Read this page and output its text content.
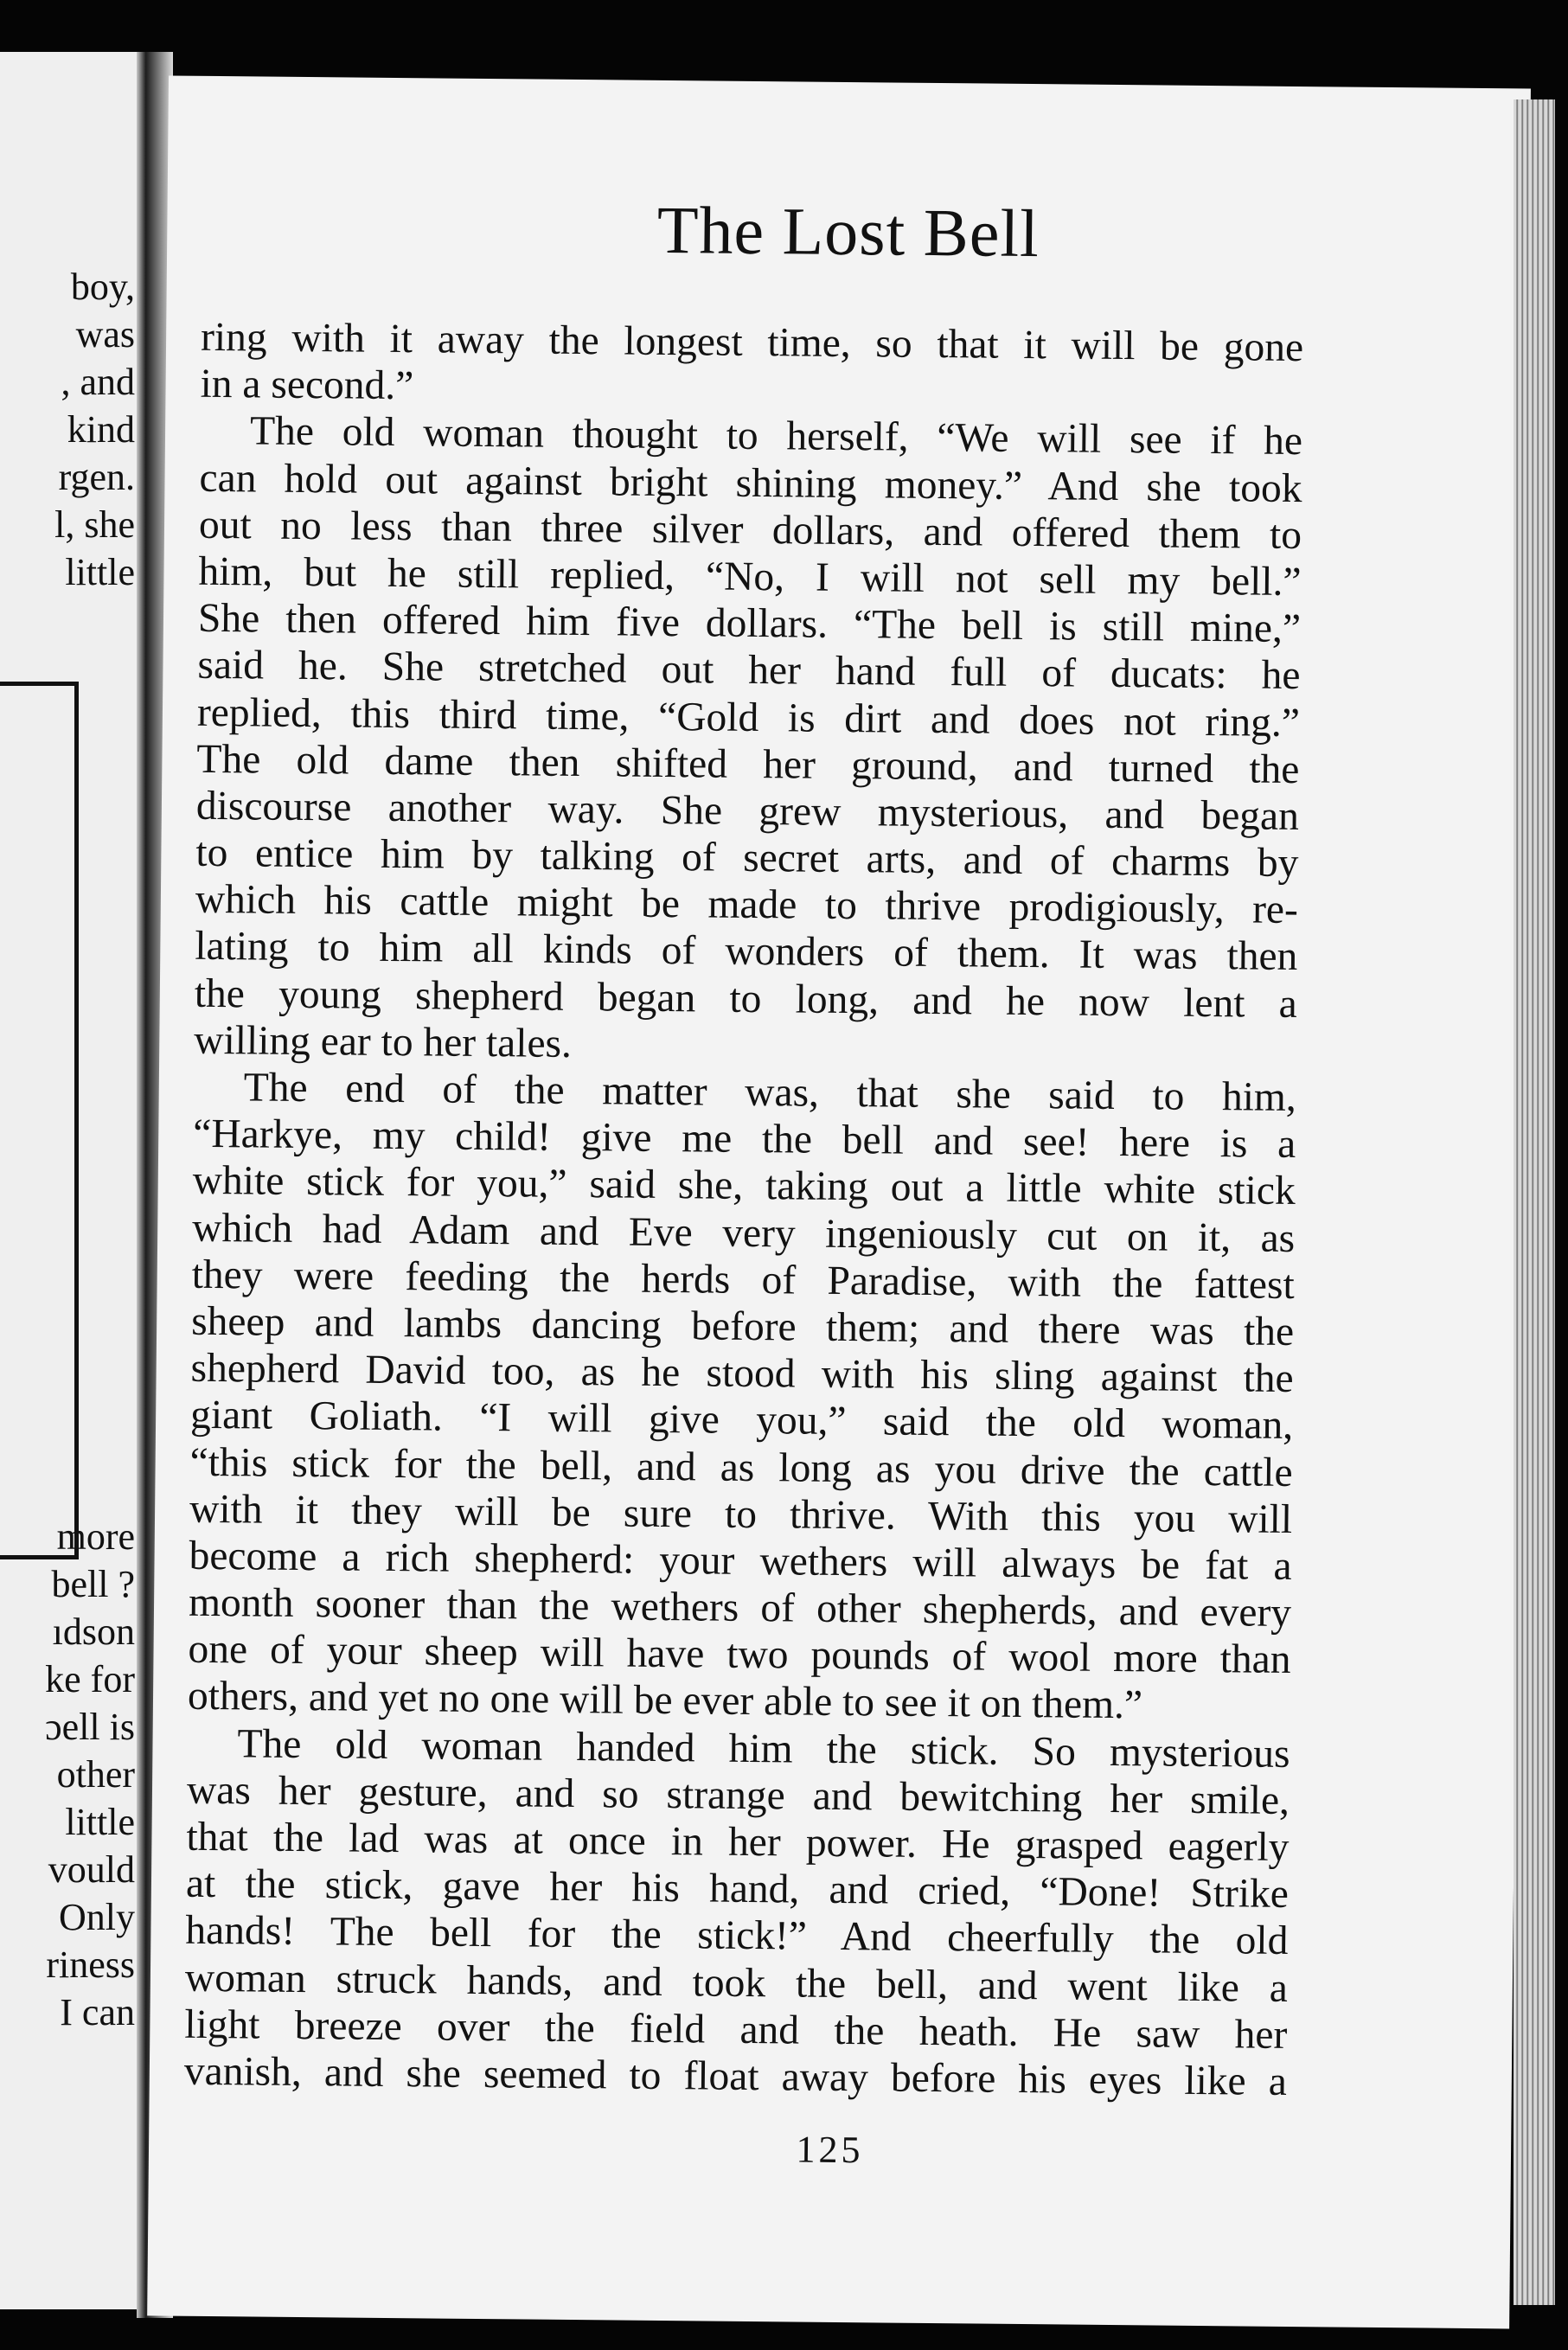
boy,
was
, and
kind
rgen.
l, she
little
more
bell ?
ıdson
ke for
ɔell is
other
little
vould
Only
riness
I can
The Lost Bell
ring with it away the longest time, so that it will be gone
in a second.”
The old woman thought to herself, “We will see if he
can hold out against bright shining money.” And she took
out no less than three silver dollars, and offered them to
him, but he still replied, “No, I will not sell my bell.”
She then offered him five dollars. “The bell is still mine,”
said he. She stretched out her hand full of ducats: he
replied, this third time, “Gold is dirt and does not ring.”
The old dame then shifted her ground, and turned the
discourse another way. She grew mysterious, and began
to entice him by talking of secret arts, and of charms by
which his cattle might be made to thrive prodigiously, re-
lating to him all kinds of wonders of them. It was then
the young shepherd began to long, and he now lent a
willing ear to her tales.
The end of the matter was, that she said to him,
“Harkye, my child! give me the bell and see! here is a
white stick for you,” said she, taking out a little white stick
which had Adam and Eve very ingeniously cut on it, as
they were feeding the herds of Paradise, with the fattest
sheep and lambs dancing before them; and there was the
shepherd David too, as he stood with his sling against the
giant Goliath. “I will give you,” said the old woman,
“this stick for the bell, and as long as you drive the cattle
with it they will be sure to thrive. With this you will
become a rich shepherd: your wethers will always be fat a
month sooner than the wethers of other shepherds, and every
one of your sheep will have two pounds of wool more than
others, and yet no one will be ever able to see it on them.”
The old woman handed him the stick. So mysterious
was her gesture, and so strange and bewitching her smile,
that the lad was at once in her power. He grasped eagerly
at the stick, gave her his hand, and cried, “Done! Strike
hands! The bell for the stick!” And cheerfully the old
woman struck hands, and took the bell, and went like a
light breeze over the field and the heath. He saw her
vanish, and she seemed to float away before his eyes like a
125
